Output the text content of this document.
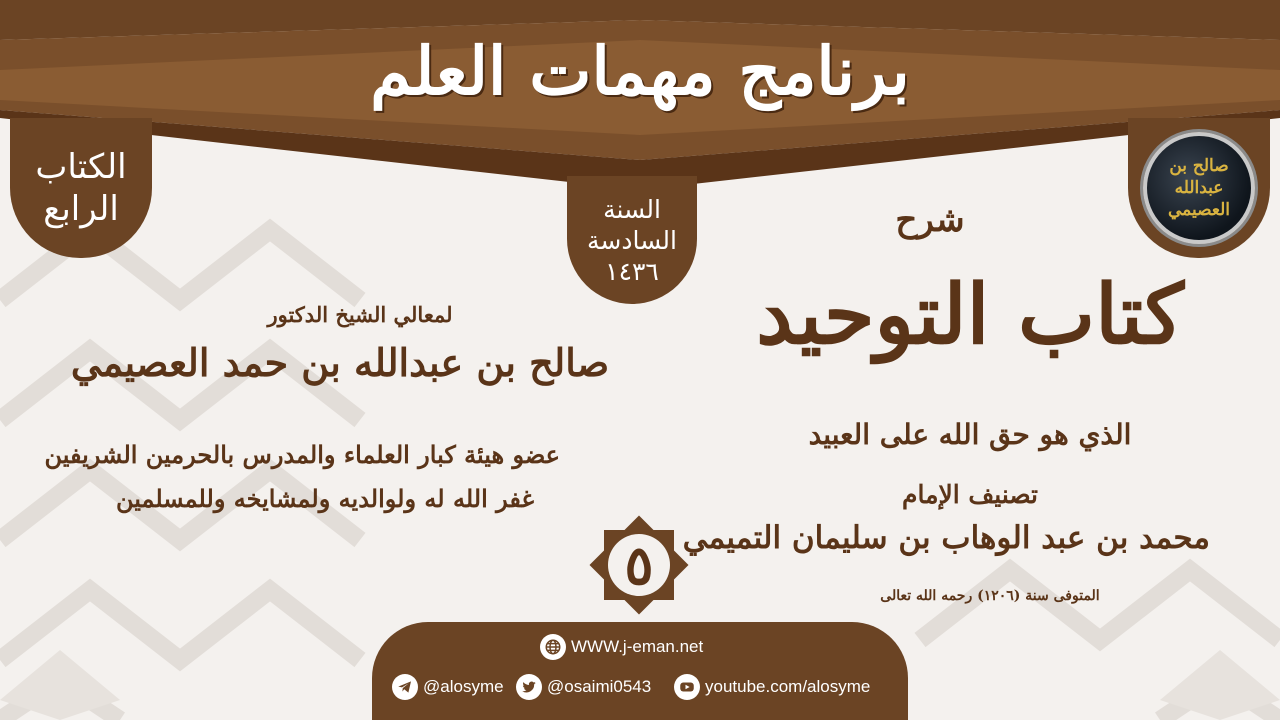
برنامج مهمات العلم
الكتاب
الرابع	السنة
السادسة
١٤٣٦
صالح بن عبدالله العصيمي
شرح
كتاب التوحيد
الذي هو حق الله على العبيد
تصنيف الإمام
محمد بن عبد الوهاب بن سليمان التميمي
المتوفى سنة (١٢٠٦) رحمه الله تعالى
لمعالي الشيخ الدكتور
صالح بن عبدالله بن حمد العصيمي
عضو هيئة كبار العلماء والمدرس بالحرمين الشريفين
غفر الله له ولوالديه ولمشايخه وللمسلمين
٥
WWW.j-eman.net
@alosyme	@osaimi0543	youtube.com/alosyme
